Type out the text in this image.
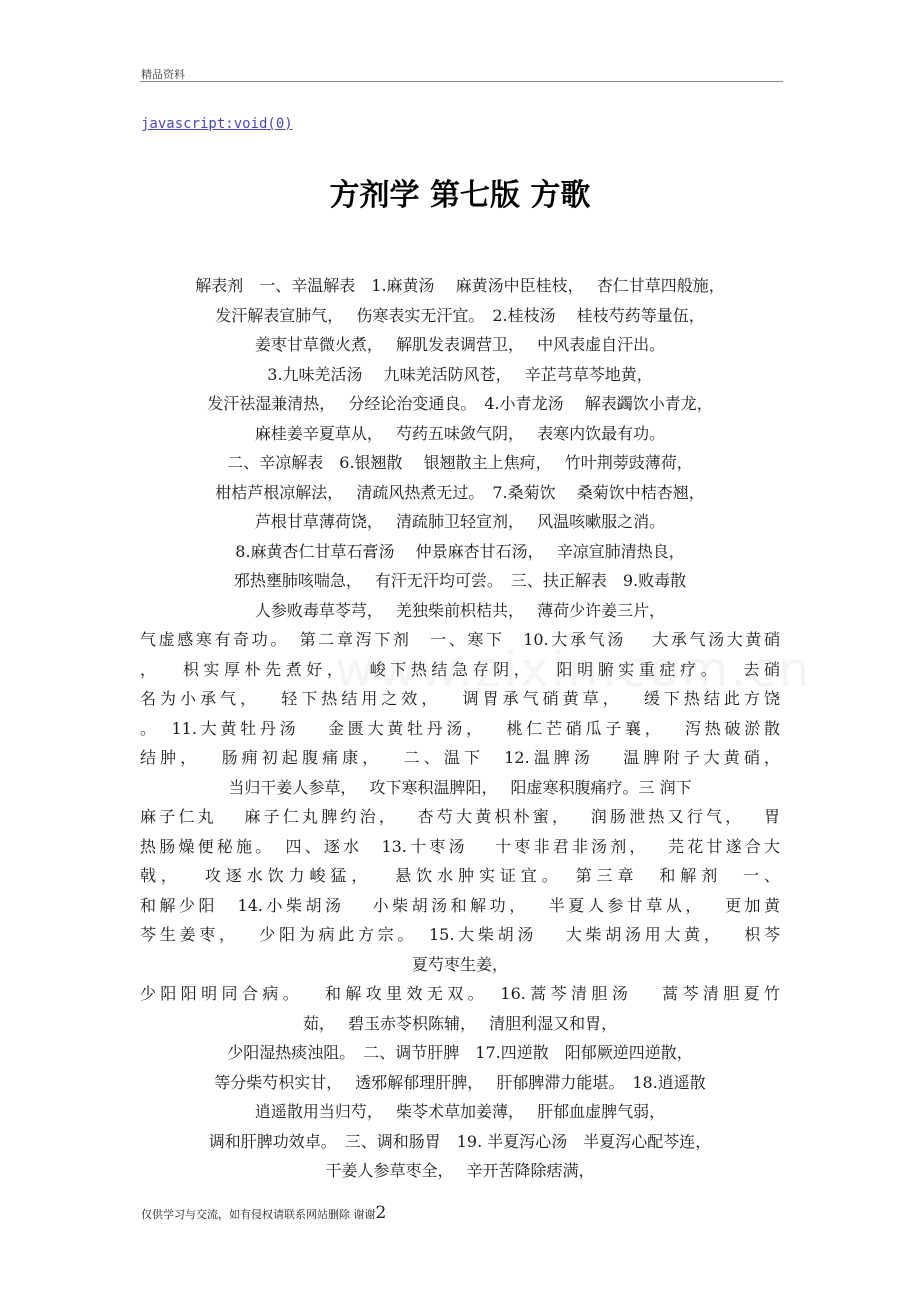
精品资料
javascript:void(0)
方剂学 第七版 方歌
解表剂　一、辛温解表　1.麻黄汤　 麻黄汤中臣桂枝，　 杏仁甘草四般施，
发汗解表宣肺气，　 伤寒表实无汗宜。　2.桂枝汤　 桂枝芍药等量伍，
姜枣甘草微火煮，　 解肌发表调营卫，　 中风表虚自汗出。
3.九味羌活汤　 九味羌活防风苍，　 辛芷芎草芩地黄，
发汗祛湿兼清热，　 分经论治变通良。　4.小青龙汤　 解表蠲饮小青龙，
麻桂姜辛夏草从，　 芍药五味敛气阴，　 表寒内饮最有功。
二、辛凉解表　6.银翘散　 银翘散主上焦疴，　 竹叶荆蒡豉薄荷，
柑桔芦根凉解法，　 清疏风热煮无过。　7.桑菊饮　 桑菊饮中桔杏翘，
芦根甘草薄荷饶，　 清疏肺卫轻宣剂，　 风温咳嗽服之消。
8.麻黄杏仁甘草石膏汤　 仲景麻杏甘石汤，　 辛凉宣肺清热良，
邪热壅肺咳喘急，　 有汗无汗均可尝。　三、扶正解表　9.败毒散
人参败毒草苓芎，　 羌独柴前枳桔共，　 薄荷少许姜三片，
气虚感寒有奇功。　第二章泻下剂　一、寒下　10.大承气汤　 大承气汤大黄硝
，　 枳实厚朴先煮好，　 峻下热结急存阴，　 阳明腑实重症疗。　 去硝
名为小承气，　 轻下热结用之效，　 调胃承气硝黄草，　 缓下热结此方饶
。　11.大黄牡丹汤　 金匮大黄牡丹汤，　 桃仁芒硝瓜子襄，　 泻热破淤散
结肿，　 肠痈初起腹痛康，　 二、温下　12.温脾汤　 温脾附子大黄硝，
当归干姜人参草，　 攻下寒积温脾阳，　 阳虚寒积腹痛疗。三 润下
麻子仁丸　 麻子仁丸脾约治，　 杏芍大黄枳朴蜜，　 润肠泄热又行气，　 胃
热肠燥便秘施。　四、逐水　13.十枣汤　 十枣非君非汤剂，　 芫花甘遂合大
戟，　 攻逐水饮力峻猛，　 悬饮水肿实证宜。　第三章　和解剂　一、
和解少阳　14.小柴胡汤　 小柴胡汤和解功，　 半夏人参甘草从，　 更加黄
芩生姜枣，　 少阳为病此方宗。　15.大柴胡汤　 大柴胡汤用大黄，　 枳芩
夏芍枣生姜，
少阳阳明同合病。　 和解攻里效无双。　16.蒿芩清胆汤　 蒿芩清胆夏竹
茹，　 碧玉赤苓枳陈辅，　 清胆利湿又和胃，
少阳湿热痰浊阻。　二、调节肝脾　17.四逆散　阳郁厥逆四逆散，
等分柴芍枳实甘，　 透邪解郁理肝脾，　 肝郁脾滞力能堪。　18.逍遥散
逍遥散用当归芍，　 柴苓术草加姜薄，　 肝郁血虚脾气弱，
调和肝脾功效卓。　三、调和肠胃　19. 半夏泻心汤　半夏泻心配芩连，
干姜人参草枣全，　 辛开苦降除痞满，
仅供学习与交流，如有侵权请联系网站删除 谢谢2
